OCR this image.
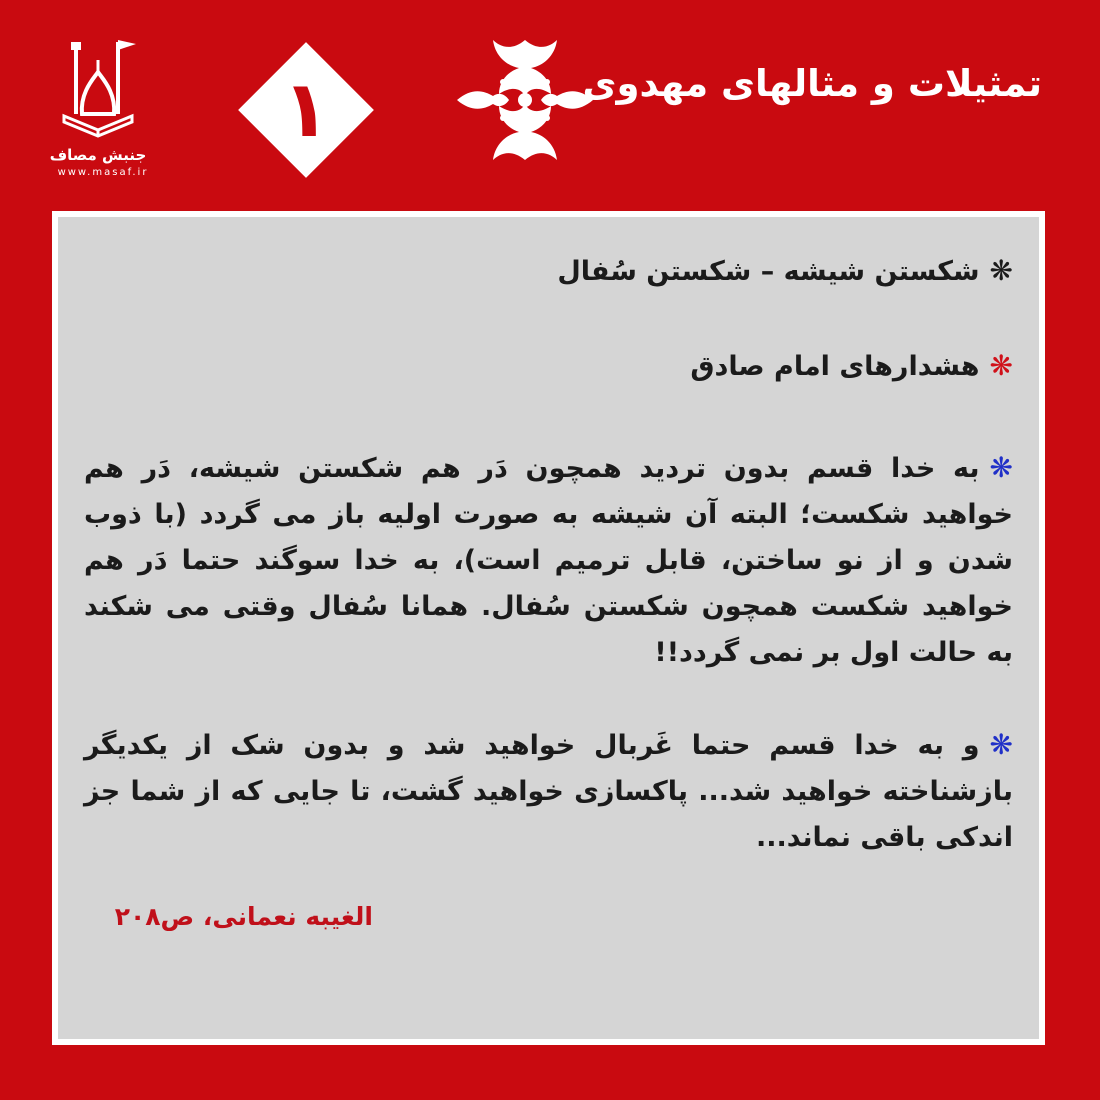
جنبش مصاف
www.masaf.ir
۱	تمثیلات و مثالهای مهدوی

❋شکستن شیشه – شکستن سُفال

❋هشدارهای امام صادق

❋به خدا قسم بدون تردید همچون دَر هم شکستن شیشه، دَر هم خواهید شکست؛ البته آن شیشه به صورت اولیه باز می گردد (با ذوب شدن و از نو ساختن، قابل ترمیم است)، به خدا سوگند حتما دَر هم خواهید شکست همچون شکستن سُفال. همانا سُفال وقتی می شکند به حالت اول بر نمی گردد!!

❋و به خدا قسم حتما غَربال خواهید شد و بدون شک از یکدیگر بازشناخته خواهید شد... پاکسازی خواهید گشت، تا جایی که از شما جز اندکی باقی نماند...

الغیبه نعمانی، ص۲۰۸
